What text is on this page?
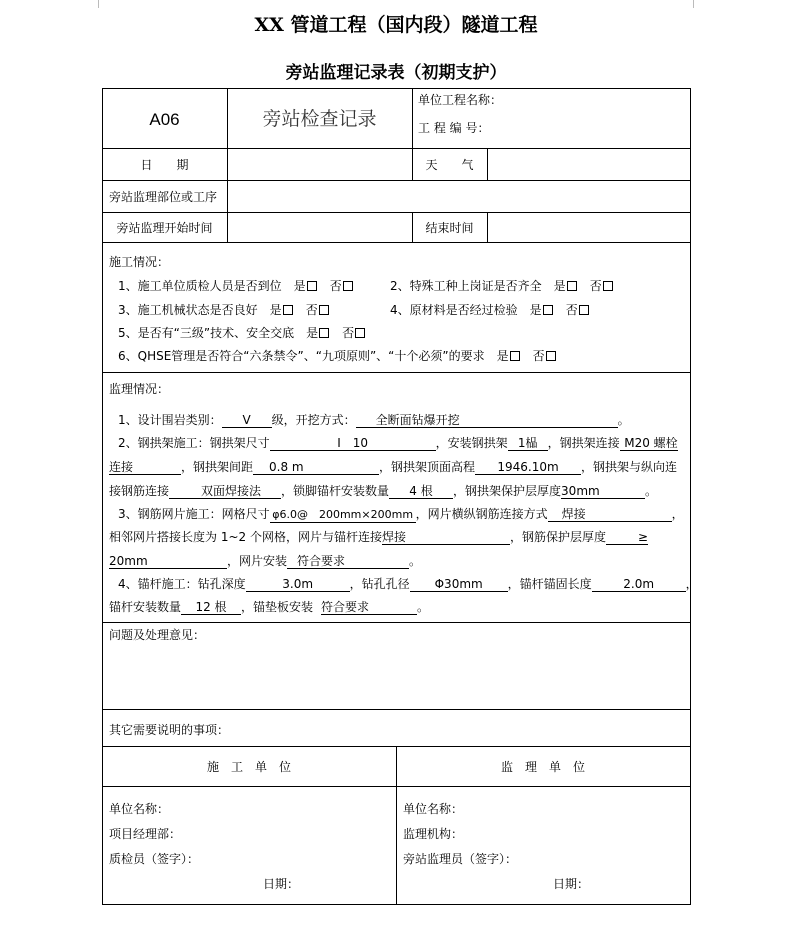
XX 管道工程（国内段）隧道工程
旁站监理记录表（初期支护）
A06	旁站检查记录
单位工程名称：
工 程 编 号：
日　　期	天　　气
旁站监理部位或工序
旁站监理开始时间	结束时间
施工情况：
1、施工单位质检人员是否到位　 是　 否	2、特殊工种上岗证是否齐全　 是　 否
3、施工机械状态是否良好　 是　 否	4、原材料是否经过检验　 是　 否
5、是否有“三级”技术、安全交底　 是　 否
6、QHSE管理是否符合“六条禁令”、“九项原则”、“十个必须”的要求　 是　 否
监理情况：
1、设计围岩类别： V 级，开挖方式： 全断面钻爆开挖	。
2、钢拱架施工：钢拱架尺寸	I　10	，安装钢拱架 1榀 ，钢拱架连接 M20 螺栓
连接	，钢拱架间距 0.8 m	，钢拱架顶面高程 1946.10m ，钢拱架与纵向连
接钢筋连接	双面焊接法 ，锁脚锚杆安装数量 4 根 ，钢拱架保护层厚度30mm	。
3、钢筋网片施工：网格尺寸 φ6.0@　200mm×200mm ，网片横纵钢筋连接方式 焊接	，
相邻网片搭接长度为 1~2 个网格，网片与锚杆连接焊接	，钢筋保护层厚度	≥
20mm	，网片安装 符合要求	。
4、锚杆施工：钻孔深度	3.0m	，钻孔孔径 Φ30mm ，锚杆锚固长度	2.0m	，
锚杆安装数量 12 根 ，锚垫板安装 符合要求	。
问题及处理意见：
其它需要说明的事项：
施　工　单　位	监　理　单　位
单位名称：
项目经理部：
质检员（签字）：
日期：
单位名称：
监理机构：
旁站监理员（签字）：
日期：
